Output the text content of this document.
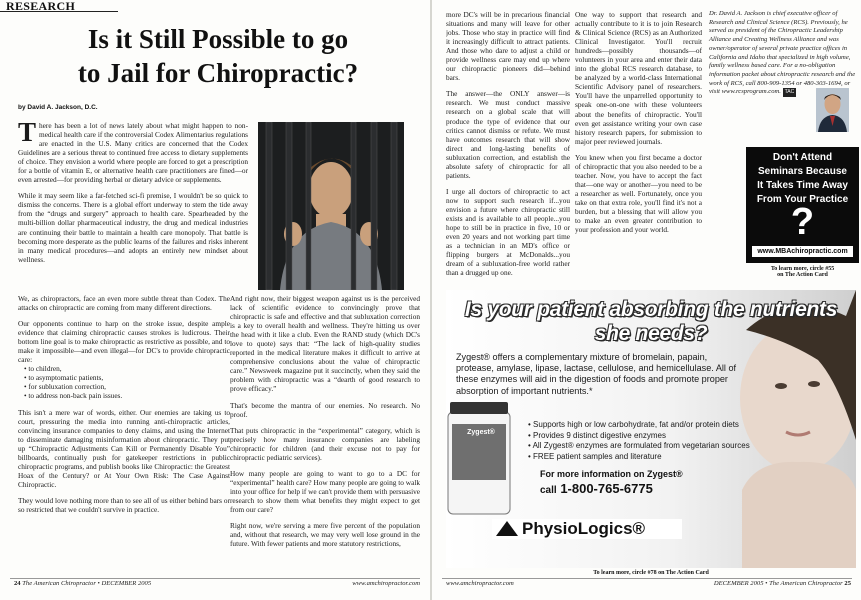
RESEARCH
Is it Still Possible to go
to Jail for Chiropractic?
by David A. Jackson, D.C.

There has been a lot of news lately about what might happen to non-medical health care if the controversial Codex Alimentarius regulations are enacted in the U.S. Many critics are concerned that the Codex Guidelines are a serious threat to continued free access to dietary supplements of choice. They envision a world where people are forced to get a prescription for a bottle of vitamin E, or alternative health care practitioners are fined—or even arrested—for providing herbal or dietary advice or supplements.

While it may seem like a far-fetched sci-fi premise, I wouldn't be so quick to dismiss the concerns. There is a global effort underway to stem the tide away from the “drugs and surgery” approach to health care. Spearheaded by the multi-billion dollar pharmaceutical industry, the drug and medical industries are continuing their battle to maintain a health care monopoly. That battle is becoming more desperate as the public learns of the failures and risks inherent in many medical procedures—and adopts an entirely new mindset about wellness.

We, as chiropractors, face an even more subtle threat than Codex. The attacks on chiropractic are coming from many different directions.

Our opponents continue to harp on the stroke issue, despite ample evidence that claiming chiropractic causes strokes is ludicrous. Their bottom line goal is to make chiropractic as restrictive as possible, and to make it impossible—and even illegal—for DC's to provide chiropractic care:

• to children,
• to asymptomatic patients,
• for subluxation correction,
• to address non-back pain issues.

This isn't a mere war of words, either. Our enemies are taking us to court, pressuring the media into running anti-chiropractic articles, convincing insurance companies to deny claims, and using the Internet to disseminate damaging misinformation about chiropractic. They put up “Chiropractic Adjustments Can Kill or Permanently Disable You” billboards, continually push for gatekeeper restrictions in public chiropractic programs, and publish books like Chiropractic: the Greatest Hoax of the Century? or At Your Own Risk: The Case Against Chiropractic.

They would love nothing more than to see all of us either behind bars or so restricted that we couldn't survive in practice.

And right now, their biggest weapon against us is the perceived lack of scientific evidence to convincingly prove that chiropractic is safe and effective and that subluxation correction is a key to overall health and wellness. They're hitting us over the head with it like a club. Even the RAND study (which DC's love to quote) says that: “The lack of high-quality studies reported in the medical literature makes it difficult to arrive at comprehensive conclusions about the value of chiropractic care.” Newsweek magazine put it succinctly, when they said the problem with chiropractic was a “dearth of good research to prove efficacy.”

That's become the mantra of our enemies. No research. No proof.

That puts chiropractic in the “experimental” category, which is precisely how many insurance companies are labeling chiropractic for children (and their excuse not to pay for chiropractic pediatric services).

How many people are going to want to go to a DC for “experimental” health care? How many people are going to walk into your office for help if we can't provide them with persuasive research to show them what benefits they might expect to get from our care?

Right now, we're serving a mere five percent of the population and, without that research, we may very well lose ground in the future. With fewer patients and more statutory restrictions,

24 The American Chiropractor • DECEMBER 2005	www.amchiropractor.com

more DC's will be in precarious financial situations and many will leave for other jobs. Those who stay in practice will find it increasingly difficult to attract patients. And those who dare to adjust a child or provide wellness care may end up where our chiropractic pioneers did—behind bars.

The answer—the ONLY answer—is research. We must conduct massive research on a global scale that will produce the type of evidence that our critics cannot dismiss or refute. We must have outcomes research that will show direct and long-lasting benefits of subluxation correction, and establish the absolute safety of chiropractic for all patients.

I urge all doctors of chiropractic to act now to support such research if...you envision a future where chiropractic still exists and is available to all people...you hope to still be in practice in five, 10 or even 20 years and not working part time as a technician in an MD's office or flipping burgers at McDonalds...you dream of a subluxation-free world rather than a drugged up one.

One way to support that research and actually contribute to it is to join Research & Clinical Science (RCS) as an Authorized Clinical Investigator. You'll recruit hundreds—possibly thousands—of volunteers in your area and enter their data into the global RCS research database, to be analyzed by a world-class International Scientific Advisory panel of researchers. You'll have the unparrelled opportunity to speak one-on-one with these volunteers about the benefits of chiropractic. You'll even get assistance writing your own case history research papers, for submission to major peer reviewed journals.

You knew when you first became a doctor of chiropractic that you also needed to be a teacher. Now, you have to accept the fact that—one way or another—you need to be a researcher as well. Fortunately, once you take on that extra role, you'll find it's not a burden, but a blessing that will allow you to make an even greater contribution to your profession and your world.

Dr. David A. Jackson is chief executive officer of Research and Clinical Science (RCS). Previously, he served as president of the Chiropractic Leadership Alliance and Creating Wellness Alliance and was owner/operator of several private practice offices in California and Idaho that specialized in high volume, family wellness based care. For a no-obligation information packet about chiropractic research and the work of RCS, call 800-909-1354 or 480-303-1694, or visit www.rcsprogram.com. TAC
Don't Attend
Seminars Because
It Takes Time Away
From Your Practice
?
www.MBAchiropractic.com
To learn more, circle #55
on The Action Card
Is your patient absorbing the nutrients she needs?
Zygest® offers a complementary mixture of bromelain, papain, protease, amylase, lipase, lactase, cellulose, and hemicellulase. All of these enzymes will aid in the digestion of foods and promote proper absorption of important nutrients.*
Zygest®
• Supports high or low carbohydrate, fat and/or protein diets
• Provides 9 distinct digestive enzymes
• All Zygest® enzymes are formulated from vegetarian sources
• FREE patient samples and literature
For more information on Zygest®
call 1-800-765-6775
PhysioLogics®
To learn more, circle #78 on The Action Card
www.amchiropractor.com	DECEMBER 2005 • The American Chiropractor 25
